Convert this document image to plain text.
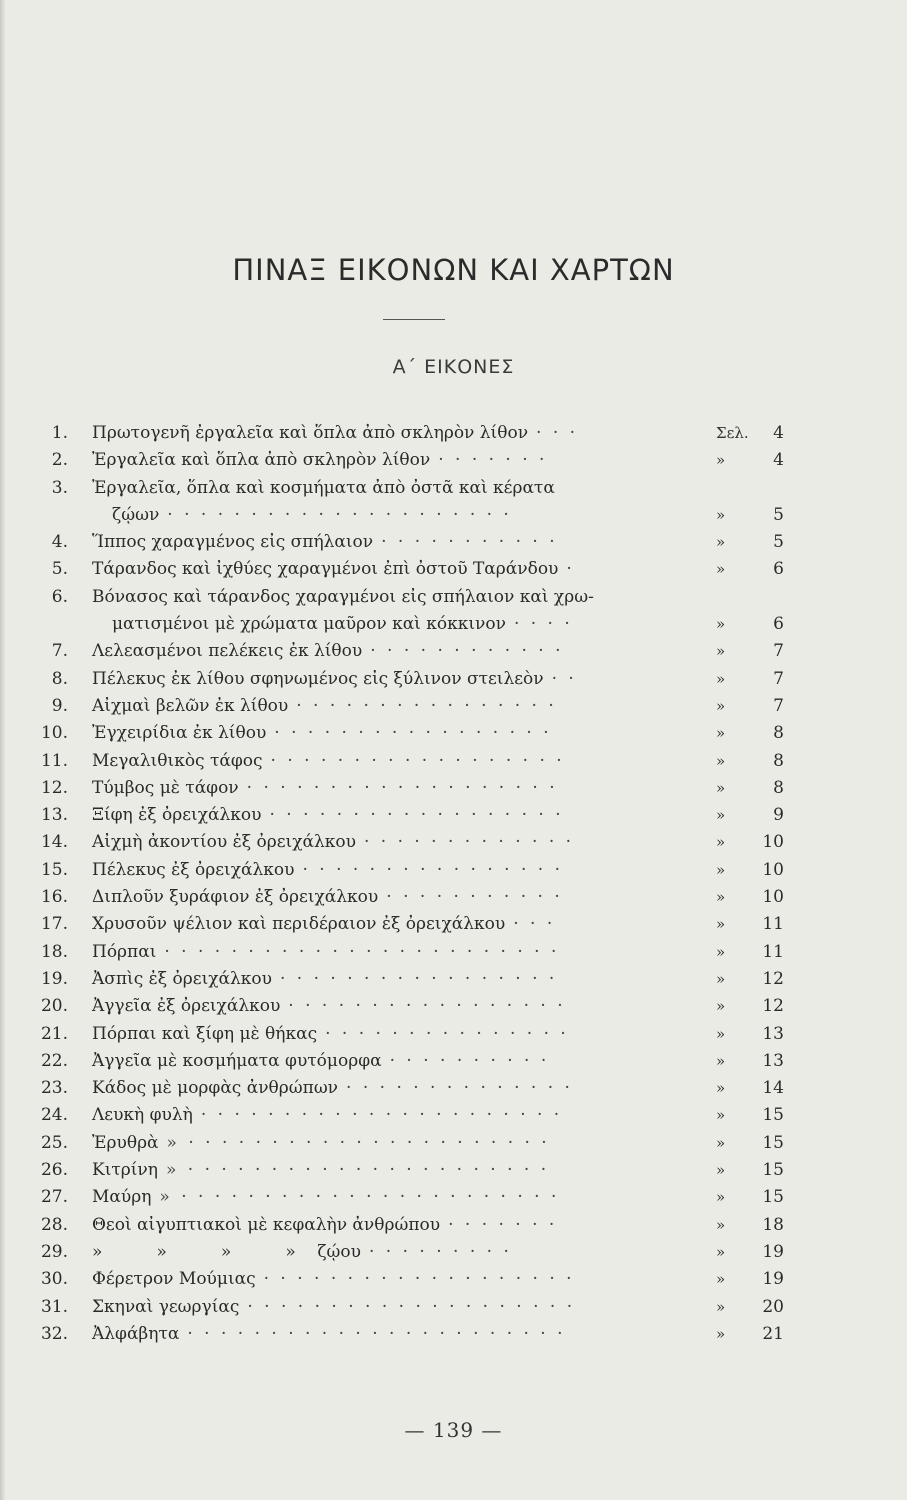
ΠΙΝΑΞ ΕΙΚΟΝΩΝ ΚΑΙ ΧΑΡΤΩΝ
Α΄ ΕΙΚΟΝΕΣ
1. Πρωτογενῆ ἐργαλεῖα καὶ ὅπλα ἀπὸ σκληρὸν λίθον · · ·	Σελ.	4
2. Ἐργαλεῖα καὶ ὅπλα ἀπὸ σκληρὸν λίθον · · · · · · ·	»	4
3. Ἐργαλεῖα, ὅπλα καὶ κοσμήματα ἀπὸ ὀστᾶ καὶ κέρατα
ζῴων · · · · · · · · · · · · · · · · · · · · ·	»	5
4. Ἵππος χαραγμένος εἰς σπήλαιον · · · · · · · · · · ·	»	5
5. Τάρανδος καὶ ἰχθύες χαραγμένοι ἐπὶ ὀστοῦ Ταράνδου ·	»	6
6. Βόνασος καὶ τάρανδος χαραγμένοι εἰς σπήλαιον καὶ χρω-
ματισμένοι μὲ χρώματα μαῦρον καὶ κόκκινον · · · ·	»	6
7. Λελεασμένοι πελέκεις ἐκ λίθου · · · · · · · · · · · ·	»	7
8. Πέλεκυς ἐκ λίθου σφηνωμένος εἰς ξύλινον στειλεὸν · ·	»	7
9. Αἰχμαὶ βελῶν ἐκ λίθου · · · · · · · · · · · · · · · ·	»	7
10. Ἐγχειρίδια ἐκ λίθου · · · · · · · · · · · · · · · · ·	»	8
11. Μεγαλιθικὸς τάφος · · · · · · · · · · · · · · · · · ·	»	8
12. Τύμβος μὲ τάφον · · · · · · · · · · · · · · · · · · ·	»	8
13. Ξίφη ἐξ ὀρειχάλκου · · · · · · · · · · · · · · · · · ·	»	9
14. Αἰχμὴ ἀκοντίου ἐξ ὀρειχάλκου · · · · · · · · · · · · ·	»	10
15. Πέλεκυς ἐξ ὀρειχάλκου · · · · · · · · · · · · · · · ·	»	10
16. Διπλοῦν ξυράφιον ἐξ ὀρειχάλκου · · · · · · · · · · ·	»	10
17. Χρυσοῦν ψέλιον καὶ περιδέραιον ἐξ ὀρειχάλκου · · ·	»	11
18. Πόρπαι · · · · · · · · · · · · · · · · · · · · · · · ·	»	11
19. Ἀσπὶς ἐξ ὀρειχάλκου · · · · · · · · · · · · · · · · ·	»	12
20. Ἀγγεῖα ἐξ ὀρειχάλκου · · · · · · · · · · · · · · · · ·	»	12
21. Πόρπαι καὶ ξίφη μὲ θήκας · · · · · · · · · · · · · · ·	»	13
22. Ἀγγεῖα μὲ κοσμήματα φυτόμορφα · · · · · · · · · ·	»	13
23. Κάδος μὲ μορφὰς ἀνθρώπων · · · · · · · · · · · · · ·	»	14
24. Λευκὴ φυλὴ · · · · · · · · · · · · · · · · · · · · · ·	»	15
25. Ἐρυθρὰ » · · · · · · · · · · · · · · · · · · · · · ·	»	15
26. Κιτρίνη » · · · · · · · · · · · · · · · · · · · · · ·	»	15
27. Μαύρη » · · · · · · · · · · · · · · · · · · · · · · ·	»	15
28. Θεοὶ αἰγυπτιακοὶ μὲ κεφαλὴν ἀνθρώπου · · · · · · ·	»	18
29. »          »          »          »    ζῴου · · · · · · · · ·	»	19
30. Φέρετρον Μούμιας · · · · · · · · · · · · · · · · · · ·	»	19
31. Σκηναὶ γεωργίας · · · · · · · · · · · · · · · · · · · ·	»	20
32. Ἀλφάβητα · · · · · · · · · · · · · · · · · · · · · · ·	»	21
— 139 —
